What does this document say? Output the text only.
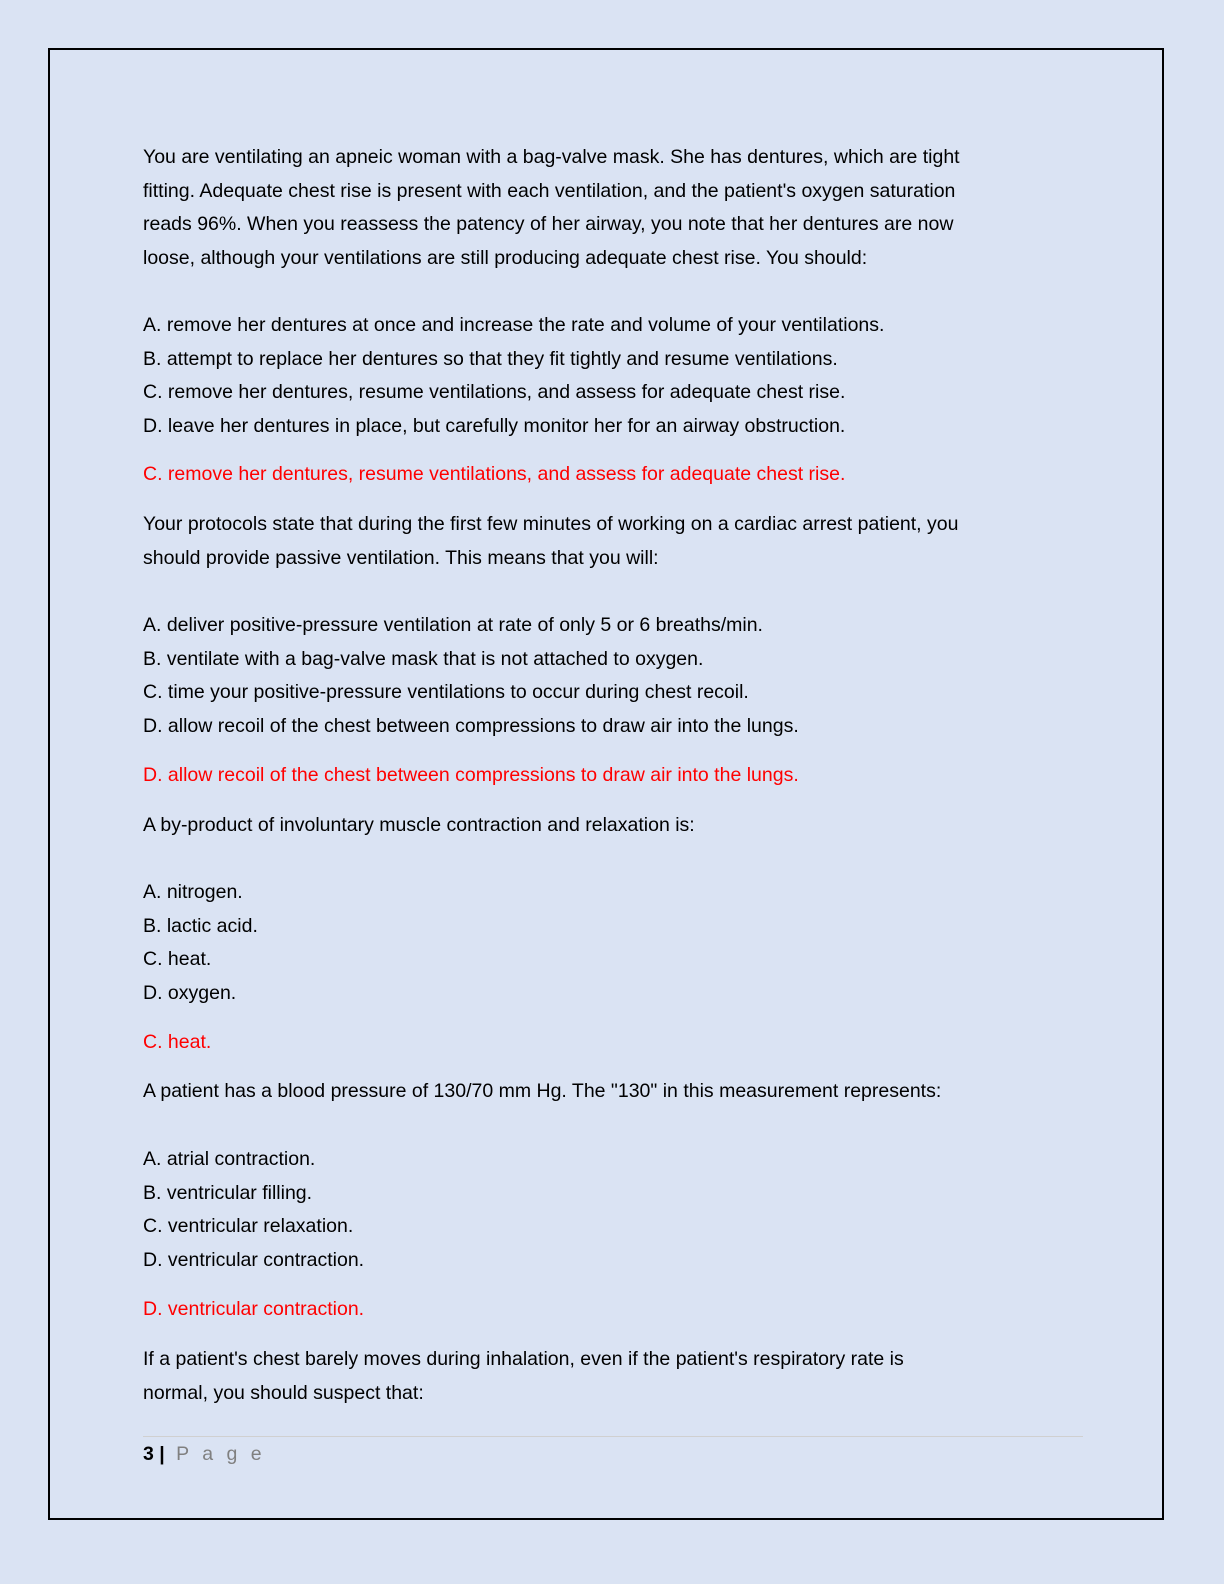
You are ventilating an apneic woman with a bag-valve mask. She has dentures, which are tight
fitting. Adequate chest rise is present with each ventilation, and the patient's oxygen saturation
reads 96%. When you reassess the patency of her airway, you note that her dentures are now
loose, although your ventilations are still producing adequate chest rise. You should:
A. remove her dentures at once and increase the rate and volume of your ventilations.
B. attempt to replace her dentures so that they fit tightly and resume ventilations.
C. remove her dentures, resume ventilations, and assess for adequate chest rise.
D. leave her dentures in place, but carefully monitor her for an airway obstruction.
C. remove her dentures, resume ventilations, and assess for adequate chest rise.
Your protocols state that during the first few minutes of working on a cardiac arrest patient, you
should provide passive ventilation. This means that you will:
A. deliver positive-pressure ventilation at rate of only 5 or 6 breaths/min.
B. ventilate with a bag-valve mask that is not attached to oxygen.
C. time your positive-pressure ventilations to occur during chest recoil.
D. allow recoil of the chest between compressions to draw air into the lungs.
D. allow recoil of the chest between compressions to draw air into the lungs.
A by-product of involuntary muscle contraction and relaxation is:
A. nitrogen.
B. lactic acid.
C. heat.
D. oxygen.
C. heat.
A patient has a blood pressure of 130/70 mm Hg. The "130" in this measurement represents:
A. atrial contraction.
B. ventricular filling.
C. ventricular relaxation.
D. ventricular contraction.
D. ventricular contraction.
If a patient's chest barely moves during inhalation, even if the patient's respiratory rate is
normal, you should suspect that:
3 | P a g e
